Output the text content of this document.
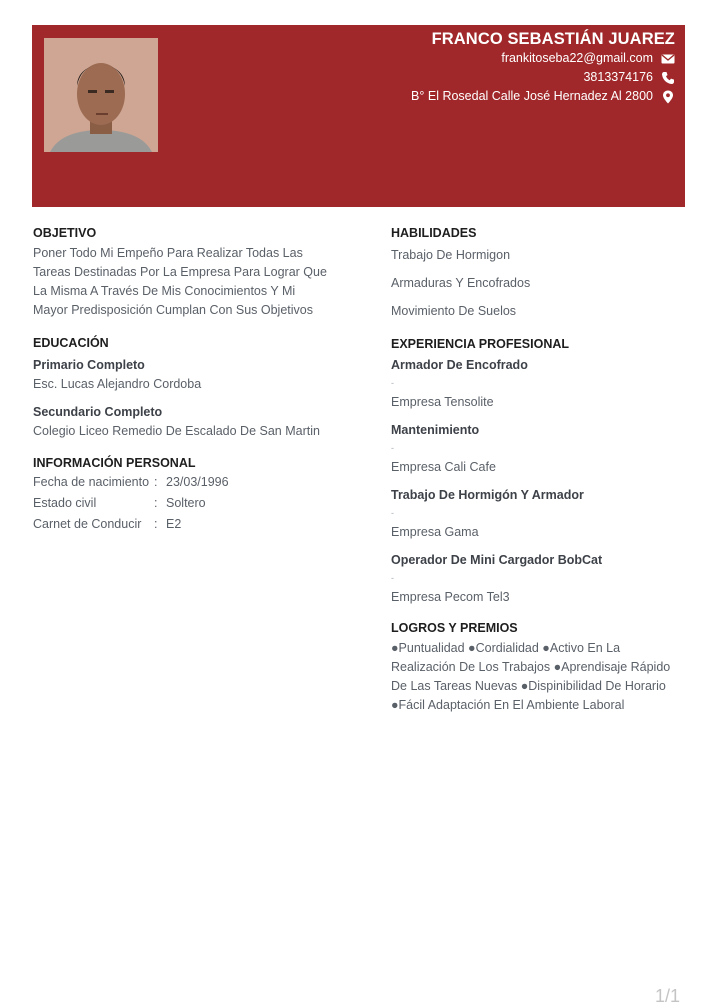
FRANCO SEBASTIÁN JUAREZ
frankitoseba22@gmail.com
3813374176
B° El Rosedal Calle José Hernadez Al 2800
OBJETIVO
Poner Todo Mi Empeño Para Realizar Todas Las
Tareas Destinadas Por La Empresa Para Lograr Que
La Misma A Través De Mis Conocimientos Y Mi
Mayor Predisposición Cumplan Con Sus Objetivos
EDUCACIÓN
Primario Completo
Esc. Lucas Alejandro Cordoba
Secundario Completo
Colegio Liceo Remedio De Escalado De San Martin
INFORMACIÓN PERSONAL
Fecha de nacimiento : 23/03/1996
Estado civil	: Soltero
Carnet de Conducir	: E2
HABILIDADES
Trabajo De Hormigon
Armaduras Y Encofrados
Movimiento De Suelos
EXPERIENCIA PROFESIONAL
Armador De Encofrado
-
Empresa Tensolite
Mantenimiento
-
Empresa Cali Cafe
Trabajo De Hormigón Y Armador
-
Empresa Gama
Operador De Mini Cargador BobCat
-
Empresa Pecom Tel3
LOGROS Y PREMIOS
●Puntualidad ●Cordialidad ●Activo En La
Realización De Los Trabajos ●Aprendisaje Rápido
De Las Tareas Nuevas ●Dispinibilidad De Horario
●Fácil Adaptación En El Ambiente Laboral
1/1
